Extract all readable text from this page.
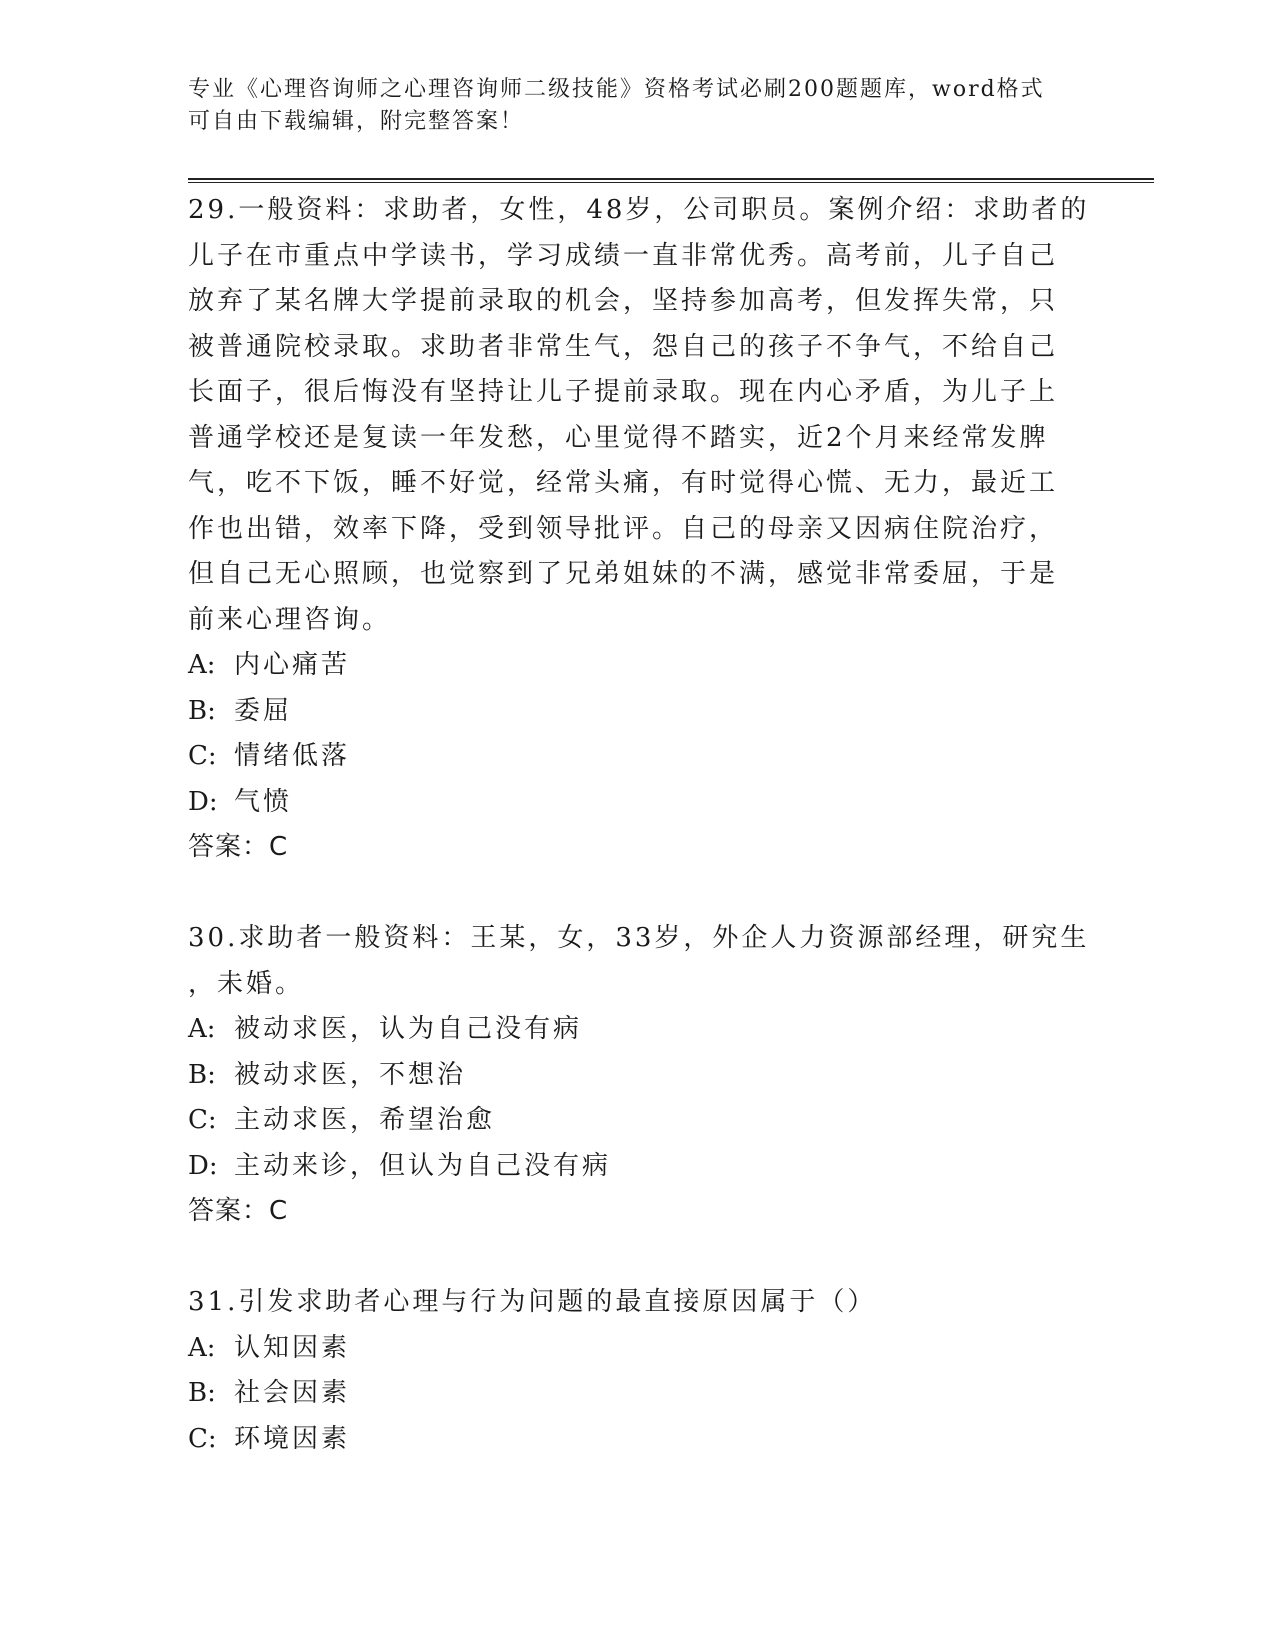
专业《心理咨询师之心理咨询师二级技能》资格考试必刷200题题库，word格式
可自由下载编辑，附完整答案！
29.一般资料：求助者，女性，48岁，公司职员。案例介绍：求助者的
儿子在市重点中学读书，学习成绩一直非常优秀。高考前，儿子自己
放弃了某名牌大学提前录取的机会，坚持参加高考，但发挥失常，只
被普通院校录取。求助者非常生气，怨自己的孩子不争气，不给自己
长面子，很后悔没有坚持让儿子提前录取。现在内心矛盾，为儿子上
普通学校还是复读一年发愁，心里觉得不踏实，近2个月来经常发脾
气，吃不下饭，睡不好觉，经常头痛，有时觉得心慌、无力，最近工
作也出错，效率下降，受到领导批评。自己的母亲又因病住院治疗，
但自己无心照顾，也觉察到了兄弟姐妹的不满，感觉非常委屈，于是
前来心理咨询。
A: 内心痛苦
B: 委屈
C: 情绪低落
D: 气愤
答案：C
30.求助者一般资料：王某，女，33岁，外企人力资源部经理，研究生
，未婚。
A: 被动求医，认为自己没有病
B: 被动求医，不想治
C: 主动求医，希望治愈
D: 主动来诊，但认为自己没有病
答案：C
31.引发求助者心理与行为问题的最直接原因属于（）
A: 认知因素
B: 社会因素
C: 环境因素
